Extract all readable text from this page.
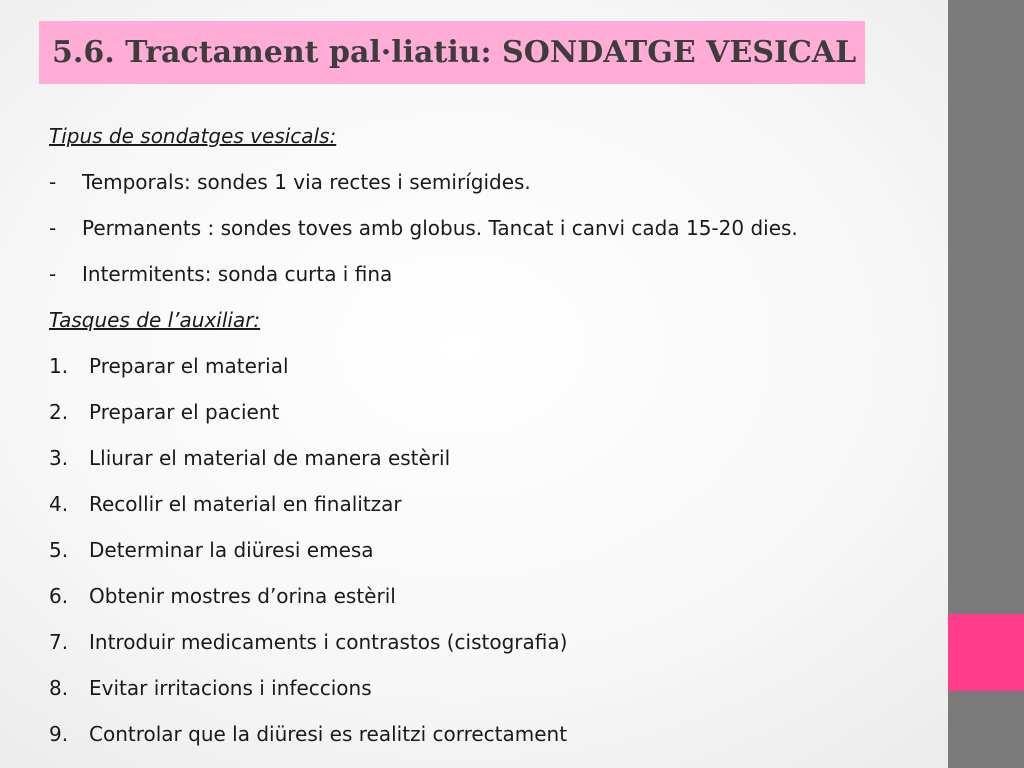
5.6. Tractament pal·liatiu: SONDATGE VESICAL
Tipus de sondatges vesicals:
- Temporals: sondes 1 via rectes i semirígides.
- Permanents : sondes toves amb globus. Tancat i canvi cada 15-20 dies.
- Intermitents: sonda curta i fina
Tasques de l’auxiliar:
1. Preparar el material
2. Preparar el pacient
3. Lliurar el material de manera estèril
4. Recollir el material en finalitzar
5. Determinar la diüresi emesa
6. Obtenir mostres d’orina estèril
7. Introduir medicaments i contrastos (cistografia)
8. Evitar irritacions i infeccions
9. Controlar que la diüresi es realitzi correctament
